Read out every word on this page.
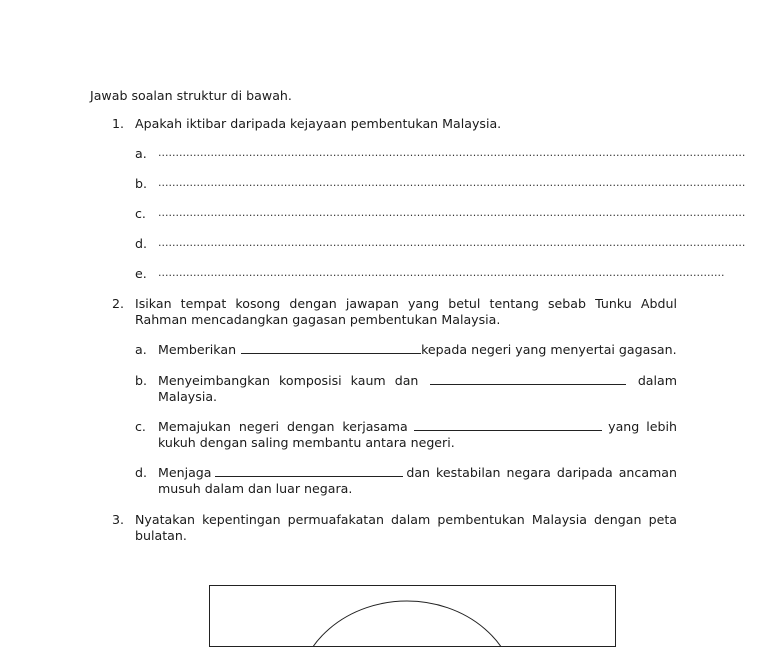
Jawab soalan struktur di bawah.
1. Apakah iktibar daripada kejayaan pembentukan Malaysia.
a. ........................................................................................................................................................................
b. ........................................................................................................................................................................
c. ........................................................................................................................................................................
d. ........................................................................................................................................................................
e. ..................................................................................................................................................................
2. Isikan tempat kosong dengan jawapan yang betul tentang sebab Tunku Abdul Rahman mencadangkan gagasan pembentukan Malaysia.
a. Memberikan	kepada negeri yang menyertai gagasan.
b. Menyeimbangkan komposisi kaum dan	dalam
Malaysia.
c. Memajukan negeri dengan kerjasama	yang lebih
kukuh dengan saling membantu antara negeri.
d. Menjaga	dan kestabilan negara daripada ancaman
musuh dalam dan luar negara.
3. Nyatakan kepentingan permuafakatan dalam pembentukan Malaysia dengan peta bulatan.
